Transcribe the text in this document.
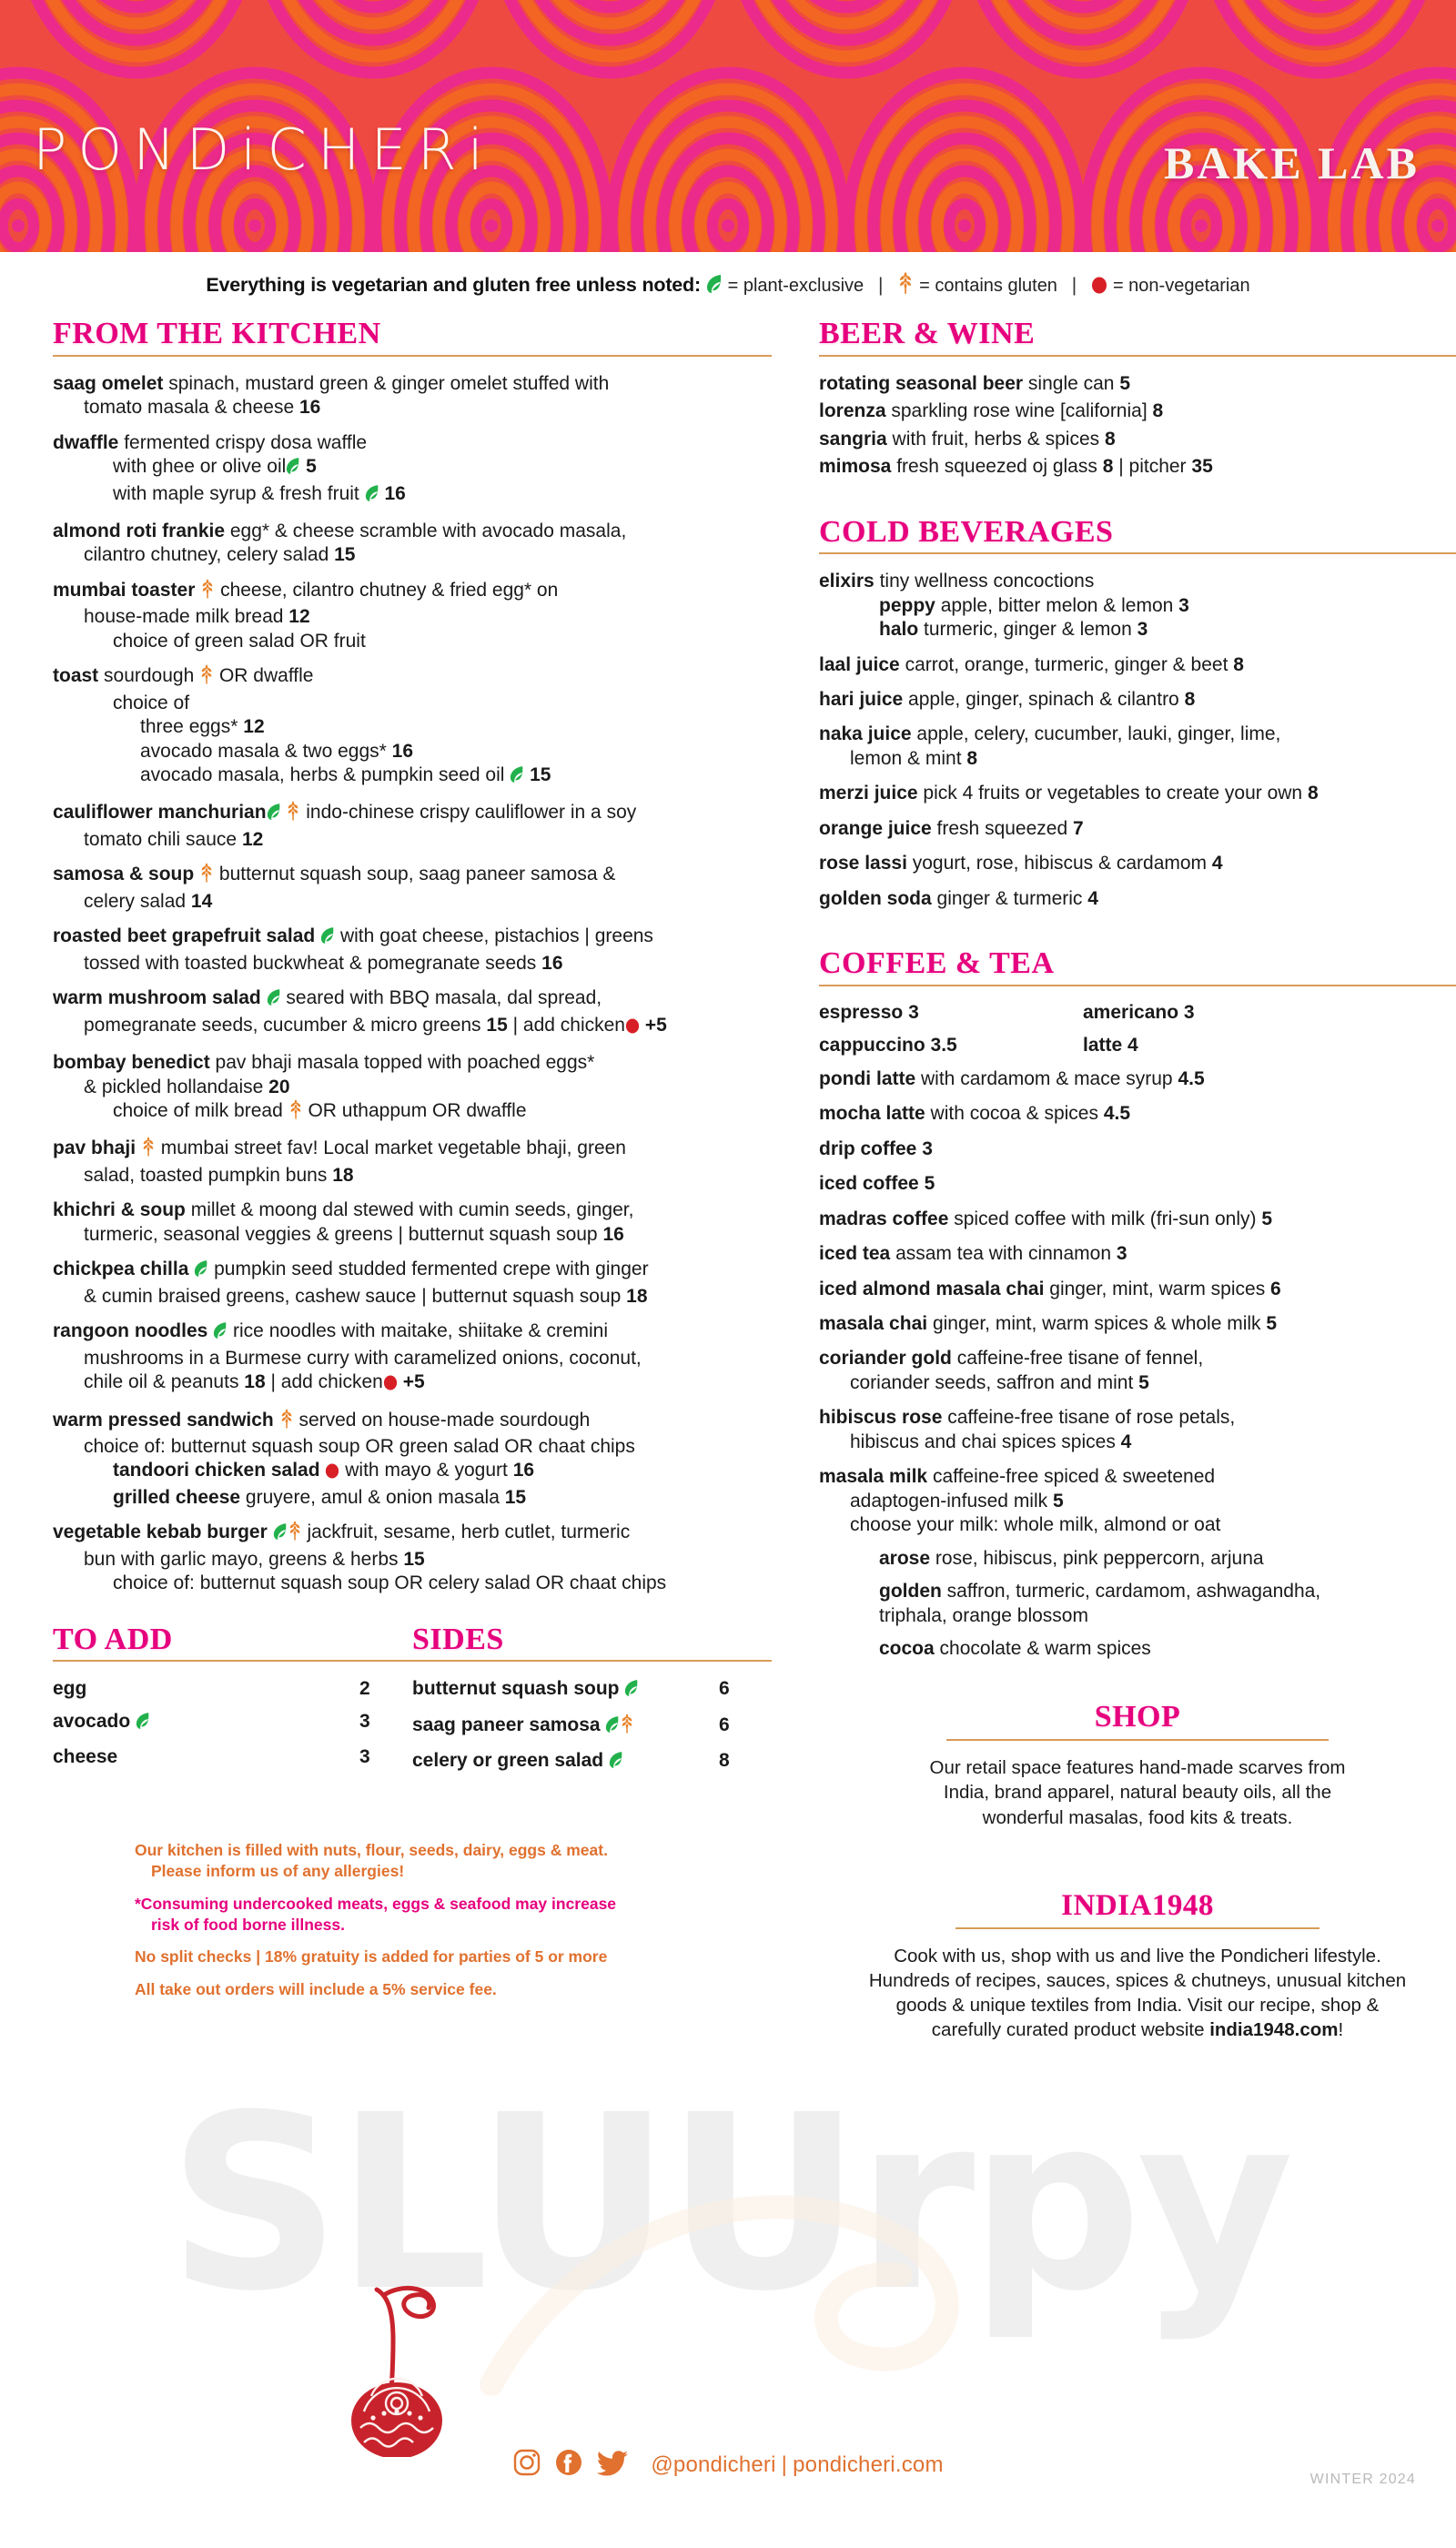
SLUUrpy
PONDiCHERi	BAKE LAB
Everything is vegetarian and gluten free unless noted: = plant-exclusive | = contains gluten | = non-vegetarian
FROM THE KITCHEN
saag omelet spinach, mustard green & ginger omelet stuffed with
tomato masala & cheese 16
dwaffle fermented crispy dosa waffle
with ghee or olive oil 5
with maple syrup & fresh fruit 16
almond roti frankie egg* & cheese scramble with avocado masala,
cilantro chutney, celery salad 15
mumbai toaster cheese, cilantro chutney & fried egg* on
house-made milk bread 12
choice of green salad OR fruit
toast sourdough OR dwaffle
choice of
three eggs* 12
avocado masala & two eggs* 16
avocado masala, herbs & pumpkin seed oil 15
cauliflower manchurian indo-chinese crispy cauliflower in a soy
tomato chili sauce 12
samosa & soup butternut squash soup, saag paneer samosa &
celery salad 14
roasted beet grapefruit salad with goat cheese, pistachios | greens
tossed with toasted buckwheat & pomegranate seeds 16
warm mushroom salad seared with BBQ masala, dal spread,
pomegranate seeds, cucumber & micro greens 15 | add chicken +5
bombay benedict pav bhaji masala topped with poached eggs*
& pickled hollandaise 20
choice of milk bread OR uthappum OR dwaffle
pav bhaji mumbai street fav! Local market vegetable bhaji, green
salad, toasted pumpkin buns 18
khichri & soup millet & moong dal stewed with cumin seeds, ginger,
turmeric, seasonal veggies & greens | butternut squash soup 16
chickpea chilla pumpkin seed studded fermented crepe with ginger
& cumin braised greens, cashew sauce | butternut squash soup 18
rangoon noodles rice noodles with maitake, shiitake & cremini
mushrooms in a Burmese curry with caramelized onions, coconut,
chile oil & peanuts 18 | add chicken +5
warm pressed sandwich served on house-made sourdough
choice of: butternut squash soup OR green salad OR chaat chips
tandoori chicken salad with mayo & yogurt 16
grilled cheese gruyere, amul & onion masala 15
vegetable kebab burger jackfruit, sesame, herb cutlet, turmeric
bun with garlic mayo, greens & herbs 15
choice of: butternut squash soup OR celery salad OR chaat chips
TO ADD
egg	2
avocado	3
cheese	3
SIDES
butternut squash soup	6
saag paneer samosa	6
celery or green salad	8
Our kitchen is filled with nuts, flour, seeds, dairy, eggs & meat.
Please inform us of any allergies!
*Consuming undercooked meats, eggs & seafood may increase
risk of food borne illness.
No split checks | 18% gratuity is added for parties of 5 or more
All take out orders will include a 5% service fee.
BEER & WINE
rotating seasonal beer single can 5
lorenza sparkling rose wine [california] 8
sangria with fruit, herbs & spices 8
mimosa fresh squeezed oj glass 8 | pitcher 35
COLD BEVERAGES
elixirs tiny wellness concoctions
peppy apple, bitter melon & lemon 3
halo turmeric, ginger & lemon 3
laal juice carrot, orange, turmeric, ginger & beet 8
hari juice apple, ginger, spinach & cilantro 8
naka juice apple, celery, cucumber, lauki, ginger, lime,
lemon & mint 8
merzi juice pick 4 fruits or vegetables to create your own 8
orange juice fresh squeezed 7
rose lassi yogurt, rose, hibiscus & cardamom 4
golden soda ginger & turmeric 4
COFFEE & TEA
espresso 3	americano 3
cappuccino 3.5	latte 4
pondi latte with cardamom & mace syrup 4.5
mocha latte with cocoa & spices 4.5
drip coffee 3
iced coffee 5
madras coffee spiced coffee with milk (fri-sun only) 5
iced tea assam tea with cinnamon 3
iced almond masala chai ginger, mint, warm spices 6
masala chai ginger, mint, warm spices & whole milk 5
coriander gold caffeine-free tisane of fennel,
coriander seeds, saffron and mint 5
hibiscus rose caffeine-free tisane of rose petals,
hibiscus and chai spices spices 4
masala milk caffeine-free spiced & sweetened
adaptogen-infused milk 5
choose your milk: whole milk, almond or oat
arose rose, hibiscus, pink peppercorn, arjuna
golden saffron, turmeric, cardamom, ashwagandha,
triphala, orange blossom
cocoa chocolate & warm spices
SHOP
Our retail space features hand-made scarves from
India, brand apparel, natural beauty oils, all the
wonderful masalas, food kits & treats.
INDIA1948
Cook with us, shop with us and live the Pondicheri lifestyle.
Hundreds of recipes, sauces, spices & chutneys, unusual kitchen
goods & unique textiles from India. Visit our recipe, shop &
carefully curated product website india1948.com!
@pondicheri | pondicheri.com
WINTER 2024
